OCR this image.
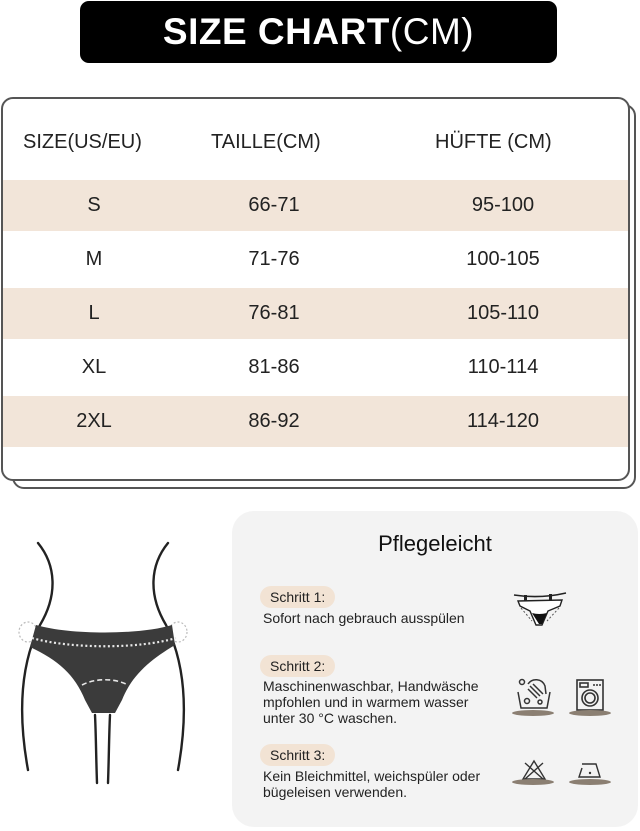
SIZE CHART (CM)
SIZE(US/EU)	TAILLE(CM)	HÜFTE (CM)
S	66-71	95-100
M	71-76	100-105
L	76-81	105-110
XL	81-86	110-114
2XL	86-92	114-120
Pflegeleicht
Schritt 1:
Sofort nach gebrauch ausspülen
Schritt 2:
Maschinenwaschbar, Handwäsche
mpfohlen und in warmem wasser
unter 30 °C waschen.
Schritt 3:
Kein Bleichmittel, weichspüler oder
bügeleisen verwenden.
